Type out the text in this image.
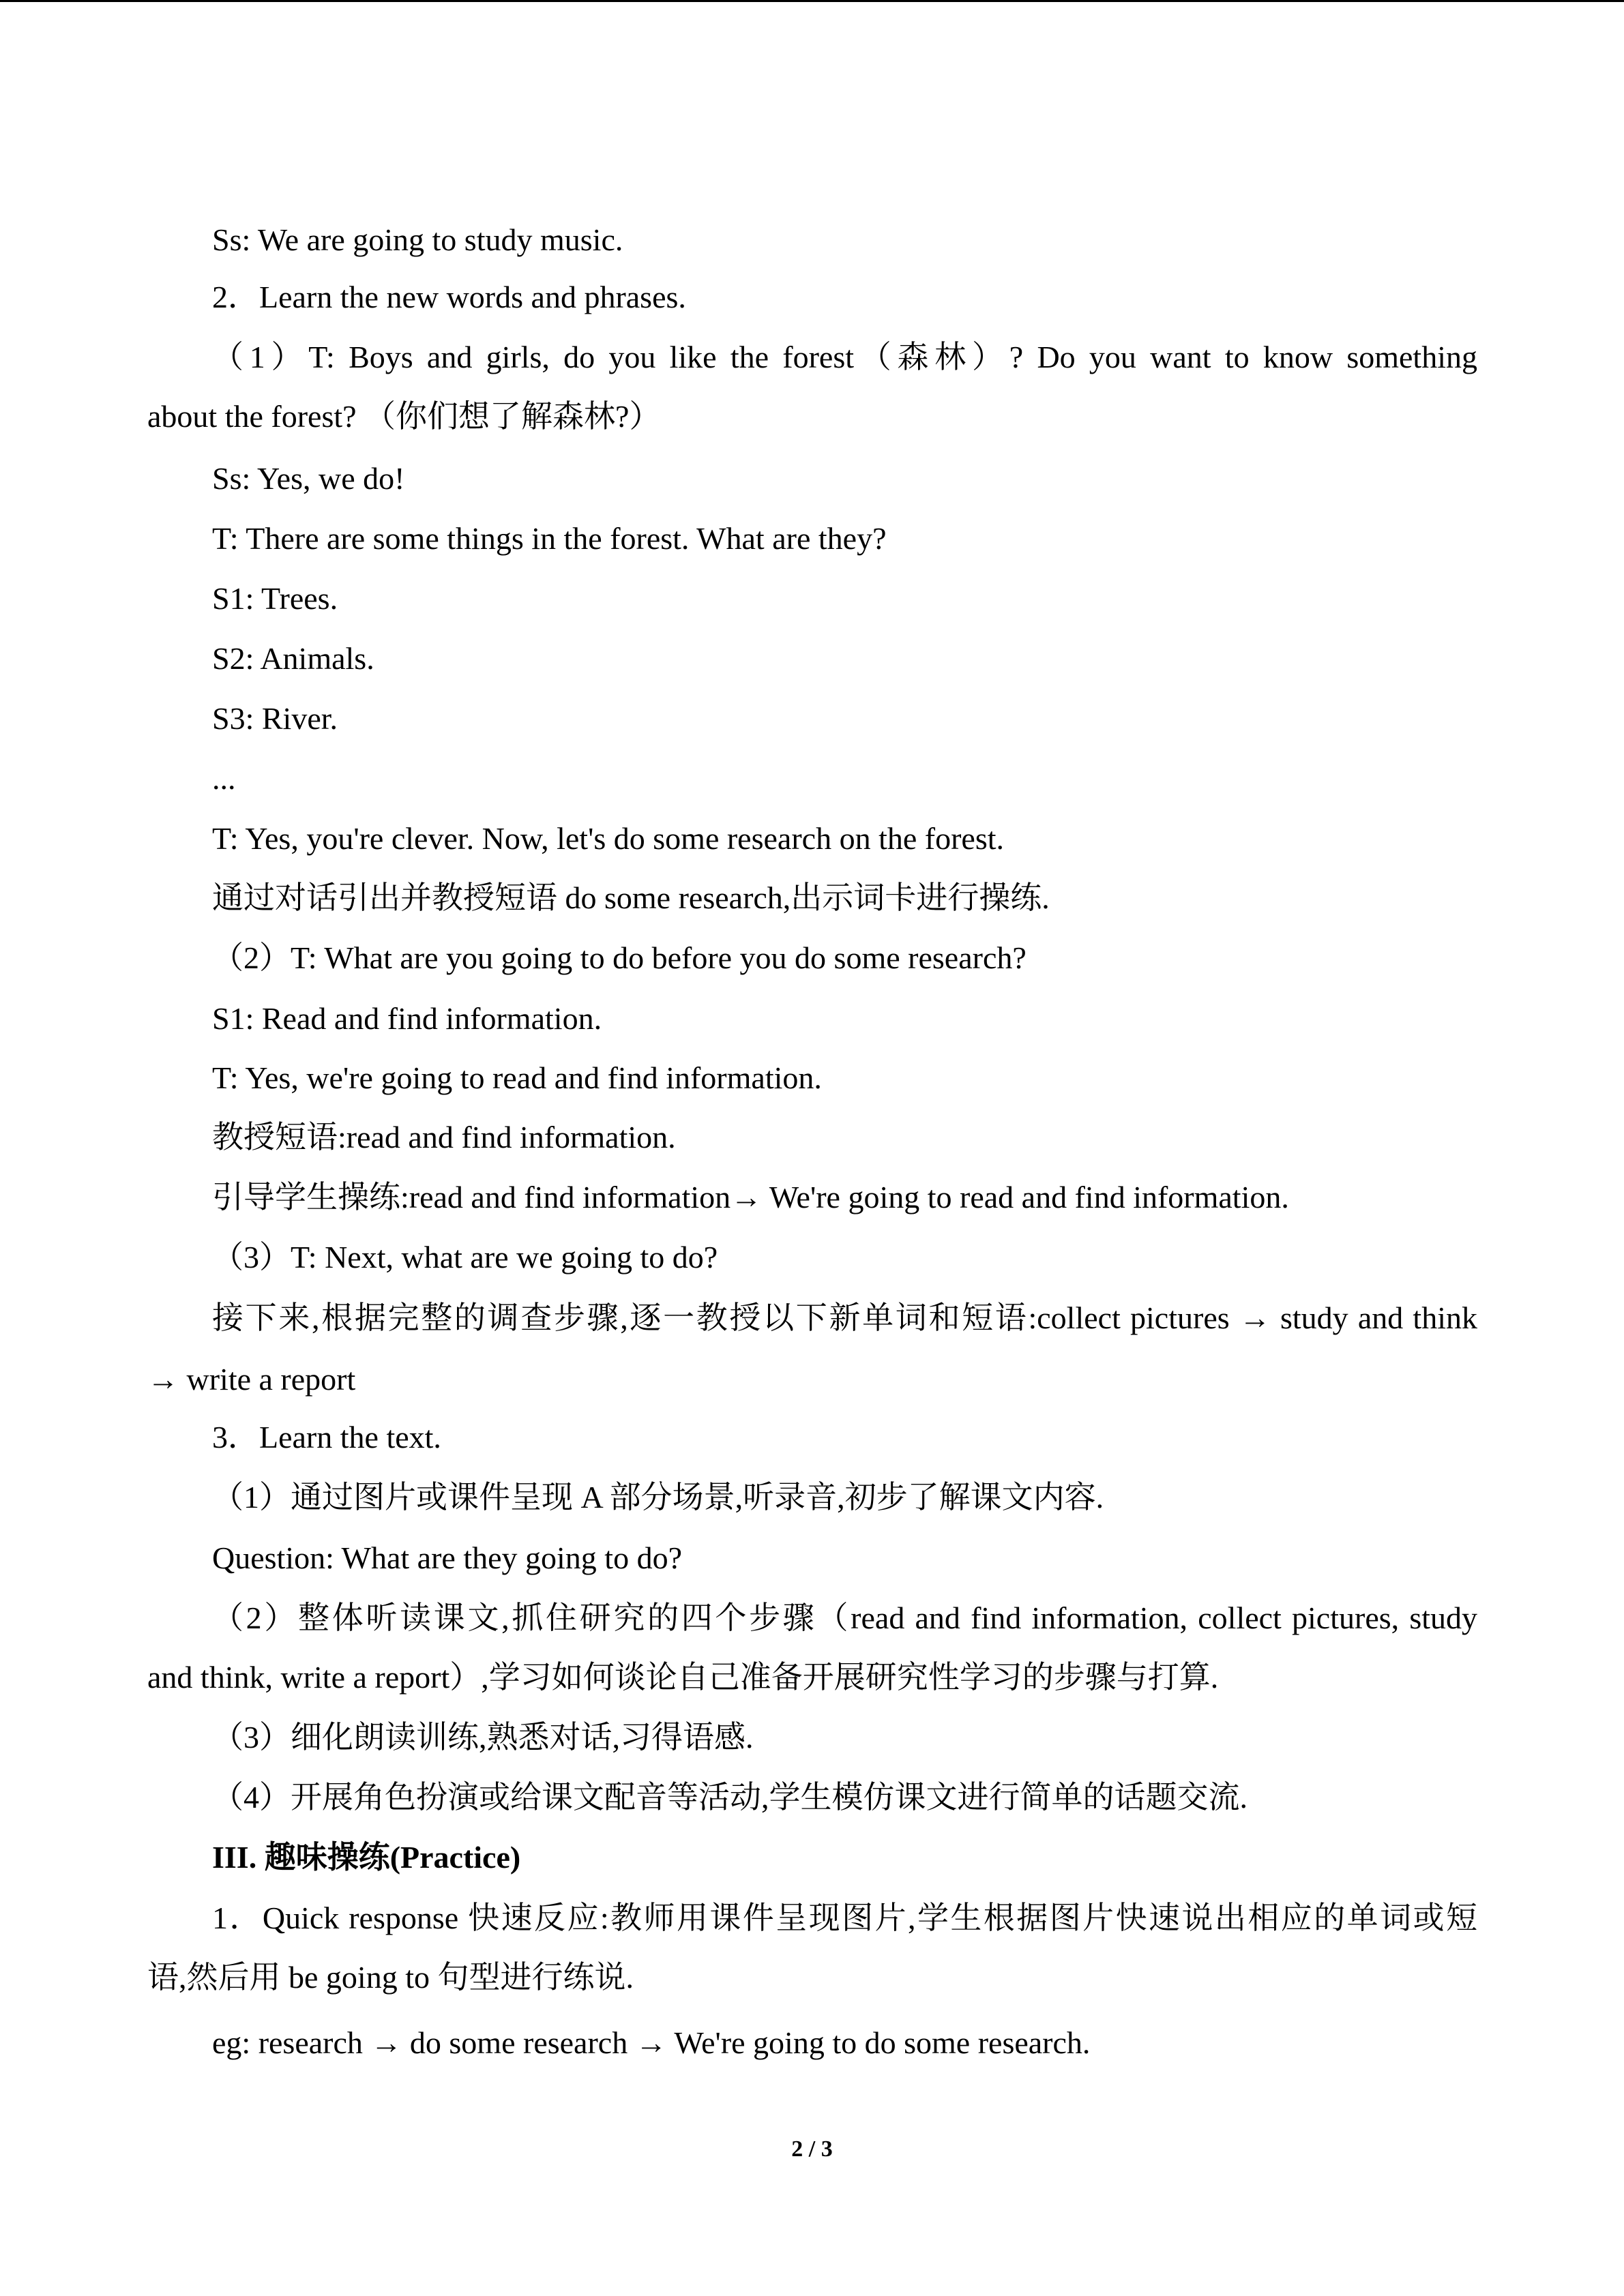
Ss: We are going to study music.
2．Learn the new words and phrases.
（1）T: Boys and girls, do you like the forest（森林）? Do you want to know something
about the forest? （你们想了解森林?）
Ss: Yes, we do!
T: There are some things in the forest. What are they?
S1: Trees.
S2: Animals.
S3: River.
...
T: Yes, you're clever. Now, let's do some research on the forest.
通过对话引出并教授短语 do some research,出示词卡进行操练.
（2）T: What are you going to do before you do some research?
S1: Read and find information.
T: Yes, we're going to read and find information.
教授短语:read and find information.
引导学生操练:read and find information→ We're going to read and find information.
（3）T: Next, what are we going to do?
接下来,根据完整的调查步骤,逐一教授以下新单词和短语:collect pictures → study and think
→ write a report
3．Learn the text.
（1）通过图片或课件呈现 A 部分场景,听录音,初步了解课文内容.
Question: What are they going to do?
（2）整体听读课文,抓住研究的四个步骤（read and find information, collect pictures, study
and think, write a report）,学习如何谈论自己准备开展研究性学习的步骤与打算.
（3）细化朗读训练,熟悉对话,习得语感.
（4）开展角色扮演或给课文配音等活动,学生模仿课文进行简单的话题交流.
III. 趣味操练(Practice)
1．Quick response 快速反应:教师用课件呈现图片,学生根据图片快速说出相应的单词或短
语,然后用 be going to 句型进行练说.
eg: research → do some research → We're going to do some research.
2 / 3
